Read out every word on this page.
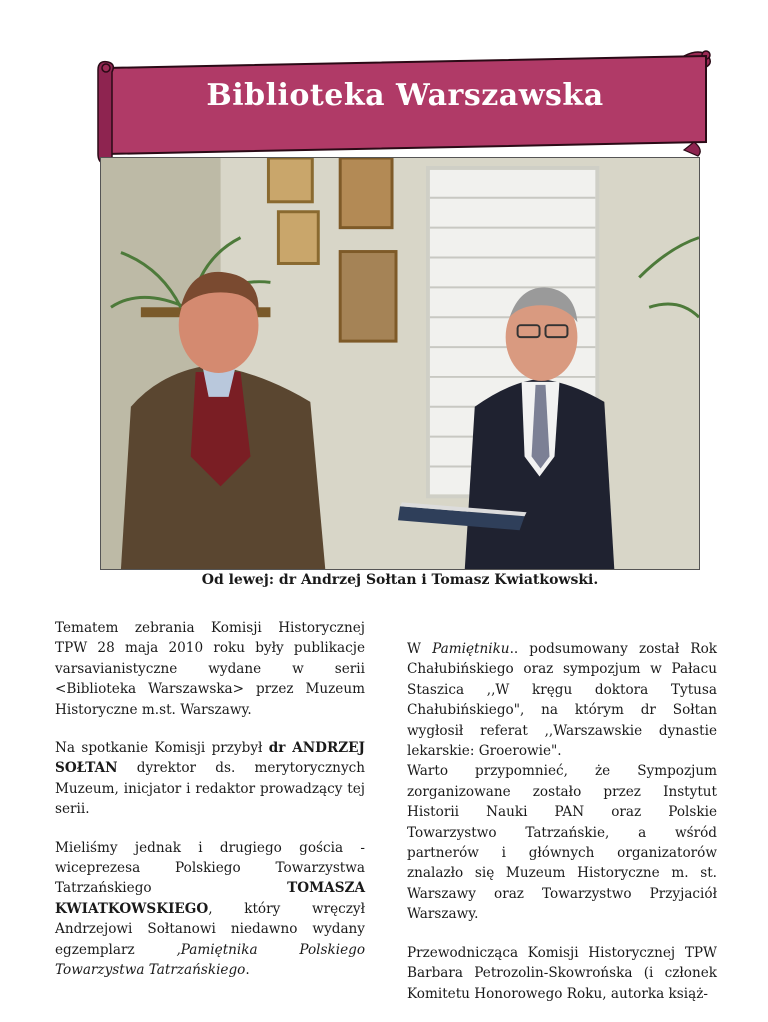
Biblioteka Warszawska
Od lewej: dr Andrzej Sołtan i Tomasz Kwiatkowski.

Tematem zebrania Komisji Historycznej TPW 28 maja 2010 roku były publikacje varsavianistyczne wydane w serii <Biblioteka Warszawska> przez Muzeum Historyczne m.st. Warszawy.

Na spotkanie Komisji przybył dr ANDRZEJ SOŁTAN dyrektor ds. merytorycznych Muzeum, inicjator i redaktor prowadzący tej serii.

Mieliśmy jednak i drugiego gościa - wiceprezesa Polskiego Towarzystwa Tatrzańskiego TOMASZA KWIATKOWSKIEGO, który wręczył Andrzejowi Sołtanowi niedawno wydany egzemplarz ,Pamiętnika Polskiego Towarzystwa Tatrzańskiego.

W Pamiętniku.. podsumowany został Rok Chałubińskiego oraz sympozjum w Pałacu Staszica ,,W kręgu doktora Tytusa Chałubińskiego", na którym dr Sołtan wygłosił referat ,,Warszawskie dynastie lekarskie: Groerowie".

Warto przypomnieć, że Sympozjum zorganizowane zostało przez Instytut Historii Nauki PAN oraz Polskie Towarzystwo Tatrzańskie, a wśród partnerów i głównych organizatorów znalazło się Muzeum Historyczne m. st. Warszawy oraz Towarzystwo Przyjaciół Warszawy.

Przewodnicząca Komisji Historycznej TPW Barbara Petrozolin-Skowrońska (i członek Komitetu Honorowego Roku, autorka książ-
